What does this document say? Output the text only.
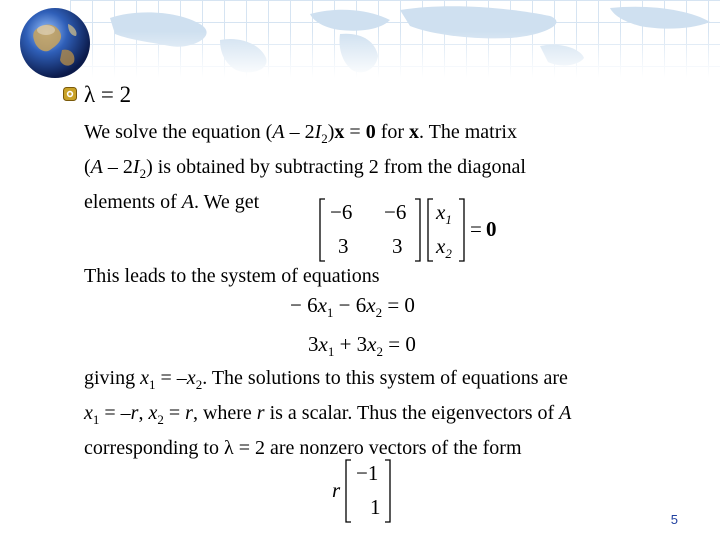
λ = 2
We solve the equation $(A - 2I_2)x = 0$ for x. The matrix
$(A - 2I_2)$ is obtained by subtracting 2 from the diagonal
elements of A. We get	−6 −6
3 3
$x_1$
$x_2$
= 0
This leads to the system of equations
− $6x_1 - 6x_2 = 0$
$3x_1 + 3x_2 = 0$
giving $x_1 = -x_2$. The solutions to this system of equations are
$x_1 = -r$, $x_2 = r$, where r is a scalar. Thus the eigenvectors of A
corresponding to λ = 2 are nonzero vectors of the form
r
−1
1
5
